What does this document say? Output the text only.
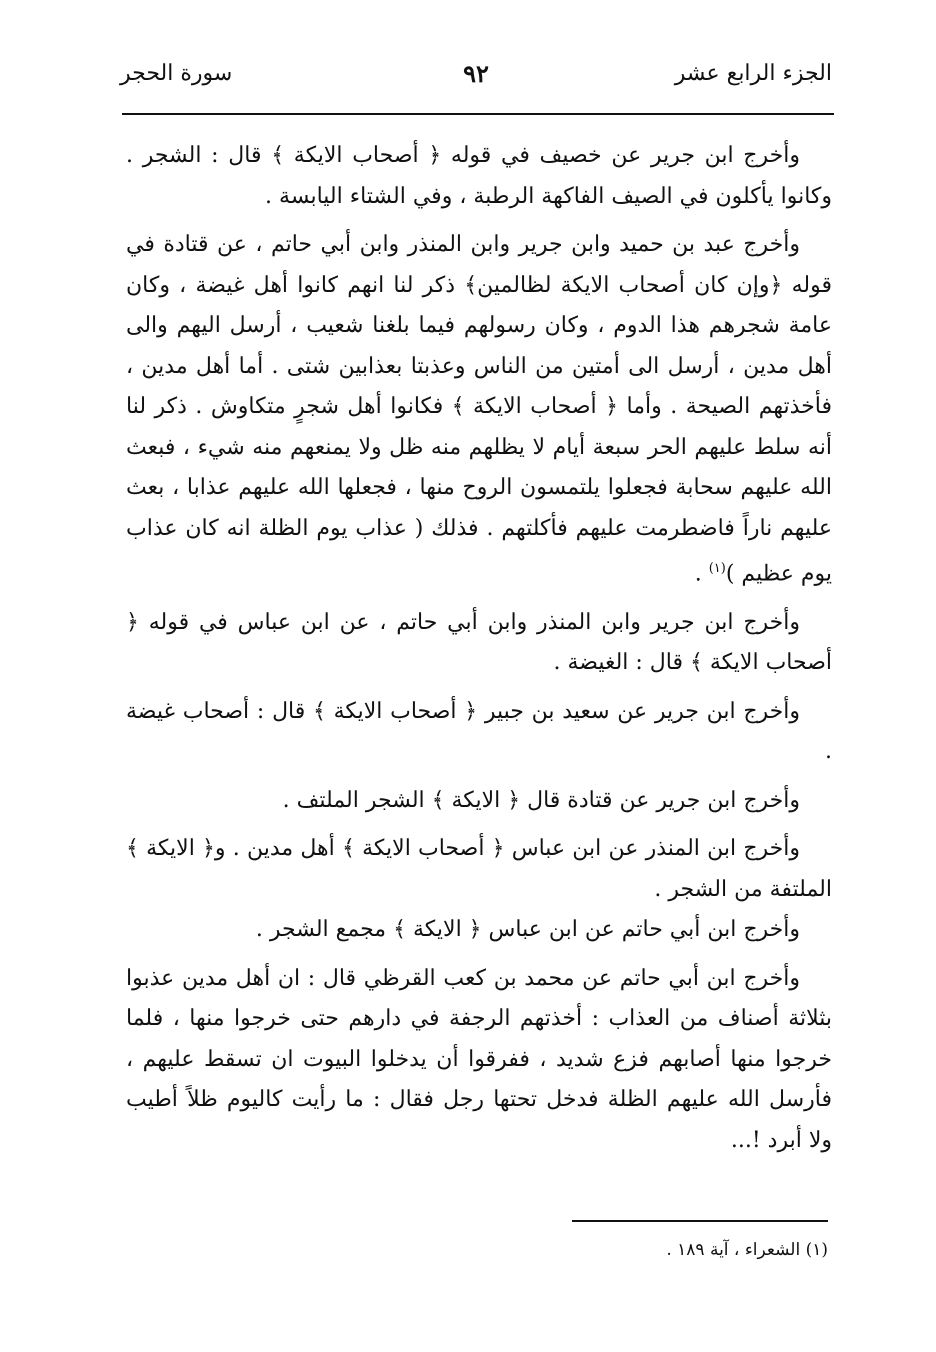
الجزء الرابع عشر
٩٢
سورة الحجر

وأخرج ابن جرير عن خصيف في قوله ﴿ أصحاب الايكة ﴾ قال : الشجر . وكانوا يأكلون في الصيف الفاكهة الرطبة ، وفي الشتاء اليابسة .

وأخرج عبد بن حميد وابن جرير وابن المنذر وابن أبي حاتم ، عن قتادة في قوله ﴿وإن كان أصحاب الايكة لظالمين﴾ ذكر لنا انهم كانوا أهل غيضة ، وكان عامة شجرهم هذا الدوم ، وكان رسولهم فيما بلغنا شعيب ، أرسل اليهم والى أهل مدين ، أرسل الى أمتين من الناس وعذبتا بعذابين شتى . أما أهل مدين ، فأخذتهم الصيحة . وأما ﴿ أصحاب الايكة ﴾ فكانوا أهل شجرٍ متكاوش . ذكر لنا أنه سلط عليهم الحر سبعة أيام لا يظلهم منه ظل ولا يمنعهم منه شيء ، فبعث الله عليهم سحابة فجعلوا يلتمسون الروح منها ، فجعلها الله عليهم عذابا ، بعث عليهم ناراً فاضطرمت عليهم فأكلتهم . فذلك ( عذاب يوم الظلة انه كان عذاب يوم عظيم )$^{(١)}$ .

وأخرج ابن جرير وابن المنذر وابن أبي حاتم ، عن ابن عباس في قوله ﴿ أصحاب الايكة ﴾ قال : الغيضة .

وأخرج ابن جرير عن سعيد بن جبير ﴿ أصحاب الايكة ﴾ قال : أصحاب غيضة .

وأخرج ابن جرير عن قتادة قال ﴿ الايكة ﴾ الشجر الملتف .

وأخرج ابن المنذر عن ابن عباس ﴿ أصحاب الايكة ﴾ أهل مدين . و﴿ الايكة ﴾ الملتفة من الشجر .

وأخرج ابن أبي حاتم عن ابن عباس ﴿ الايكة ﴾ مجمع الشجر .

وأخرج ابن أبي حاتم عن محمد بن كعب القرظي قال : ان أهل مدين عذبوا بثلاثة أصناف من العذاب : أخذتهم الرجفة في دارهم حتى خرجوا منها ، فلما خرجوا منها أصابهم فزع شديد ، ففرقوا أن يدخلوا البيوت ان تسقط عليهم ، فأرسل الله عليهم الظلة فدخل تحتها رجل فقال : ما رأيت كاليوم ظلاً أطيب ولا أبرد !...

(١) الشعراء ، آية ١٨٩ .
